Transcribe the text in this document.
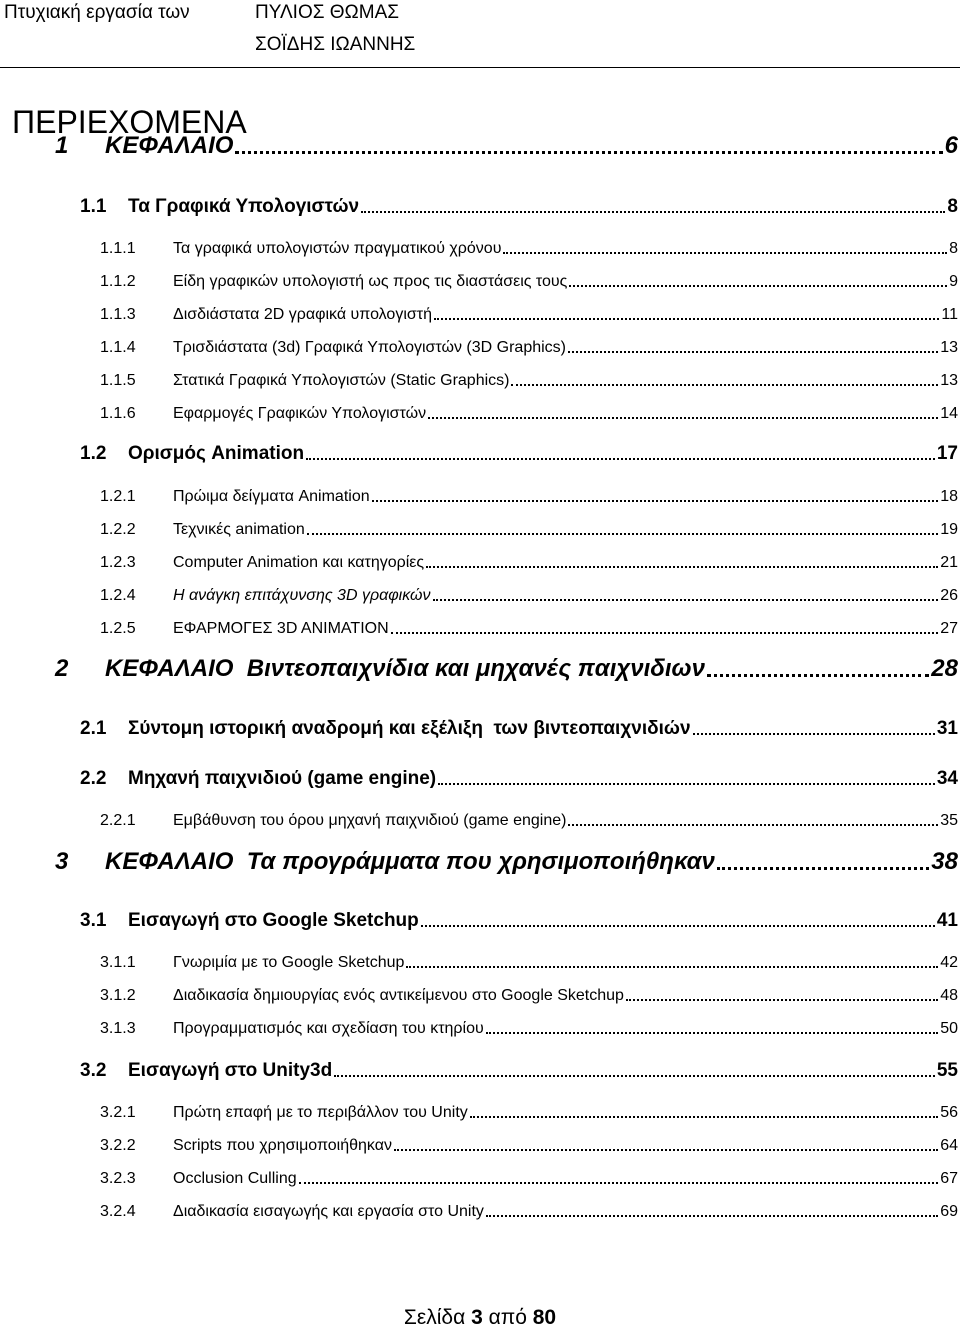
Πτυχιακή εργασία των	ΠΥΛΙΟΣ ΘΩΜΑΣ
ΣΟΪΔΗΣ ΙΩΑΝΝΗΣ
ΠΕΡΙΕΧΟΜΕΝΑ
1 ΚΕΦΑΛΑΙΟ	6
1.1 Τα Γραφικά Υπολογιστών	8
1.1.1 Τα γραφικά υπολογιστών πραγματικού χρόνου	8
1.1.2 Είδη γραφικών υπολογιστή ως προς τις διαστάσεις τους	9
1.1.3 Δισδιάστατα 2D γραφικά υπολογιστή	11
1.1.4 Τρισδιάστατα (3d) Γραφικά Υπολογιστών (3D Graphics)	13
1.1.5 Στατικά Γραφικά Υπολογιστών (Static Graphics)	13
1.1.6 Εφαρμογές Γραφικών Υπολογιστών	14
1.2 Ορισμός Animation	17
1.2.1 Πρώιμα δείγματα Animation	18
1.2.2 Τεχνικές animation	19
1.2.3 Computer Animation και κατηγορίες	21
1.2.4 Η ανάγκη επιτάχυνσης 3D γραφικών	26
1.2.5 ΕΦΑΡΜΟΓΕΣ 3D ANIMATION	27
2 ΚΕΦΑΛΑΙΟ  Βιντεοπαιχνίδια και μηχανές παιχνιδιων	28
2.1 Σύντομη ιστορική αναδρομή και εξέλιξη  των βιντεοπαιχνιδιών	31
2.2 Μηχανή παιχνιδιού (game engine)	34
2.2.1 Εμβάθυνση του όρου μηχανή παιχνιδιού (game engine)	35
3 ΚΕΦΑΛΑΙΟ  Τα προγράμματα που χρησιμοποιήθηκαν	38
3.1 Εισαγωγή στο Google Sketchup	41
3.1.1 Γνωριμία με το Google Sketchup	42
3.1.2 Διαδικασία δημιουργίας ενός αντικείμενου στο Google Sketchup	48
3.1.3 Προγραμματισμός και σχεδίαση του κτηρίου	50
3.2 Εισαγωγή στο Unity3d	55
3.2.1 Πρώτη επαφή με το περιβάλλον του Unity	56
3.2.2 Scripts που χρησιμοποιήθηκαν	64
3.2.3 Occlusion Culling	67
3.2.4 Διαδικασία εισαγωγής και εργασία στο Unity	69
Σελίδα 3 από 80
